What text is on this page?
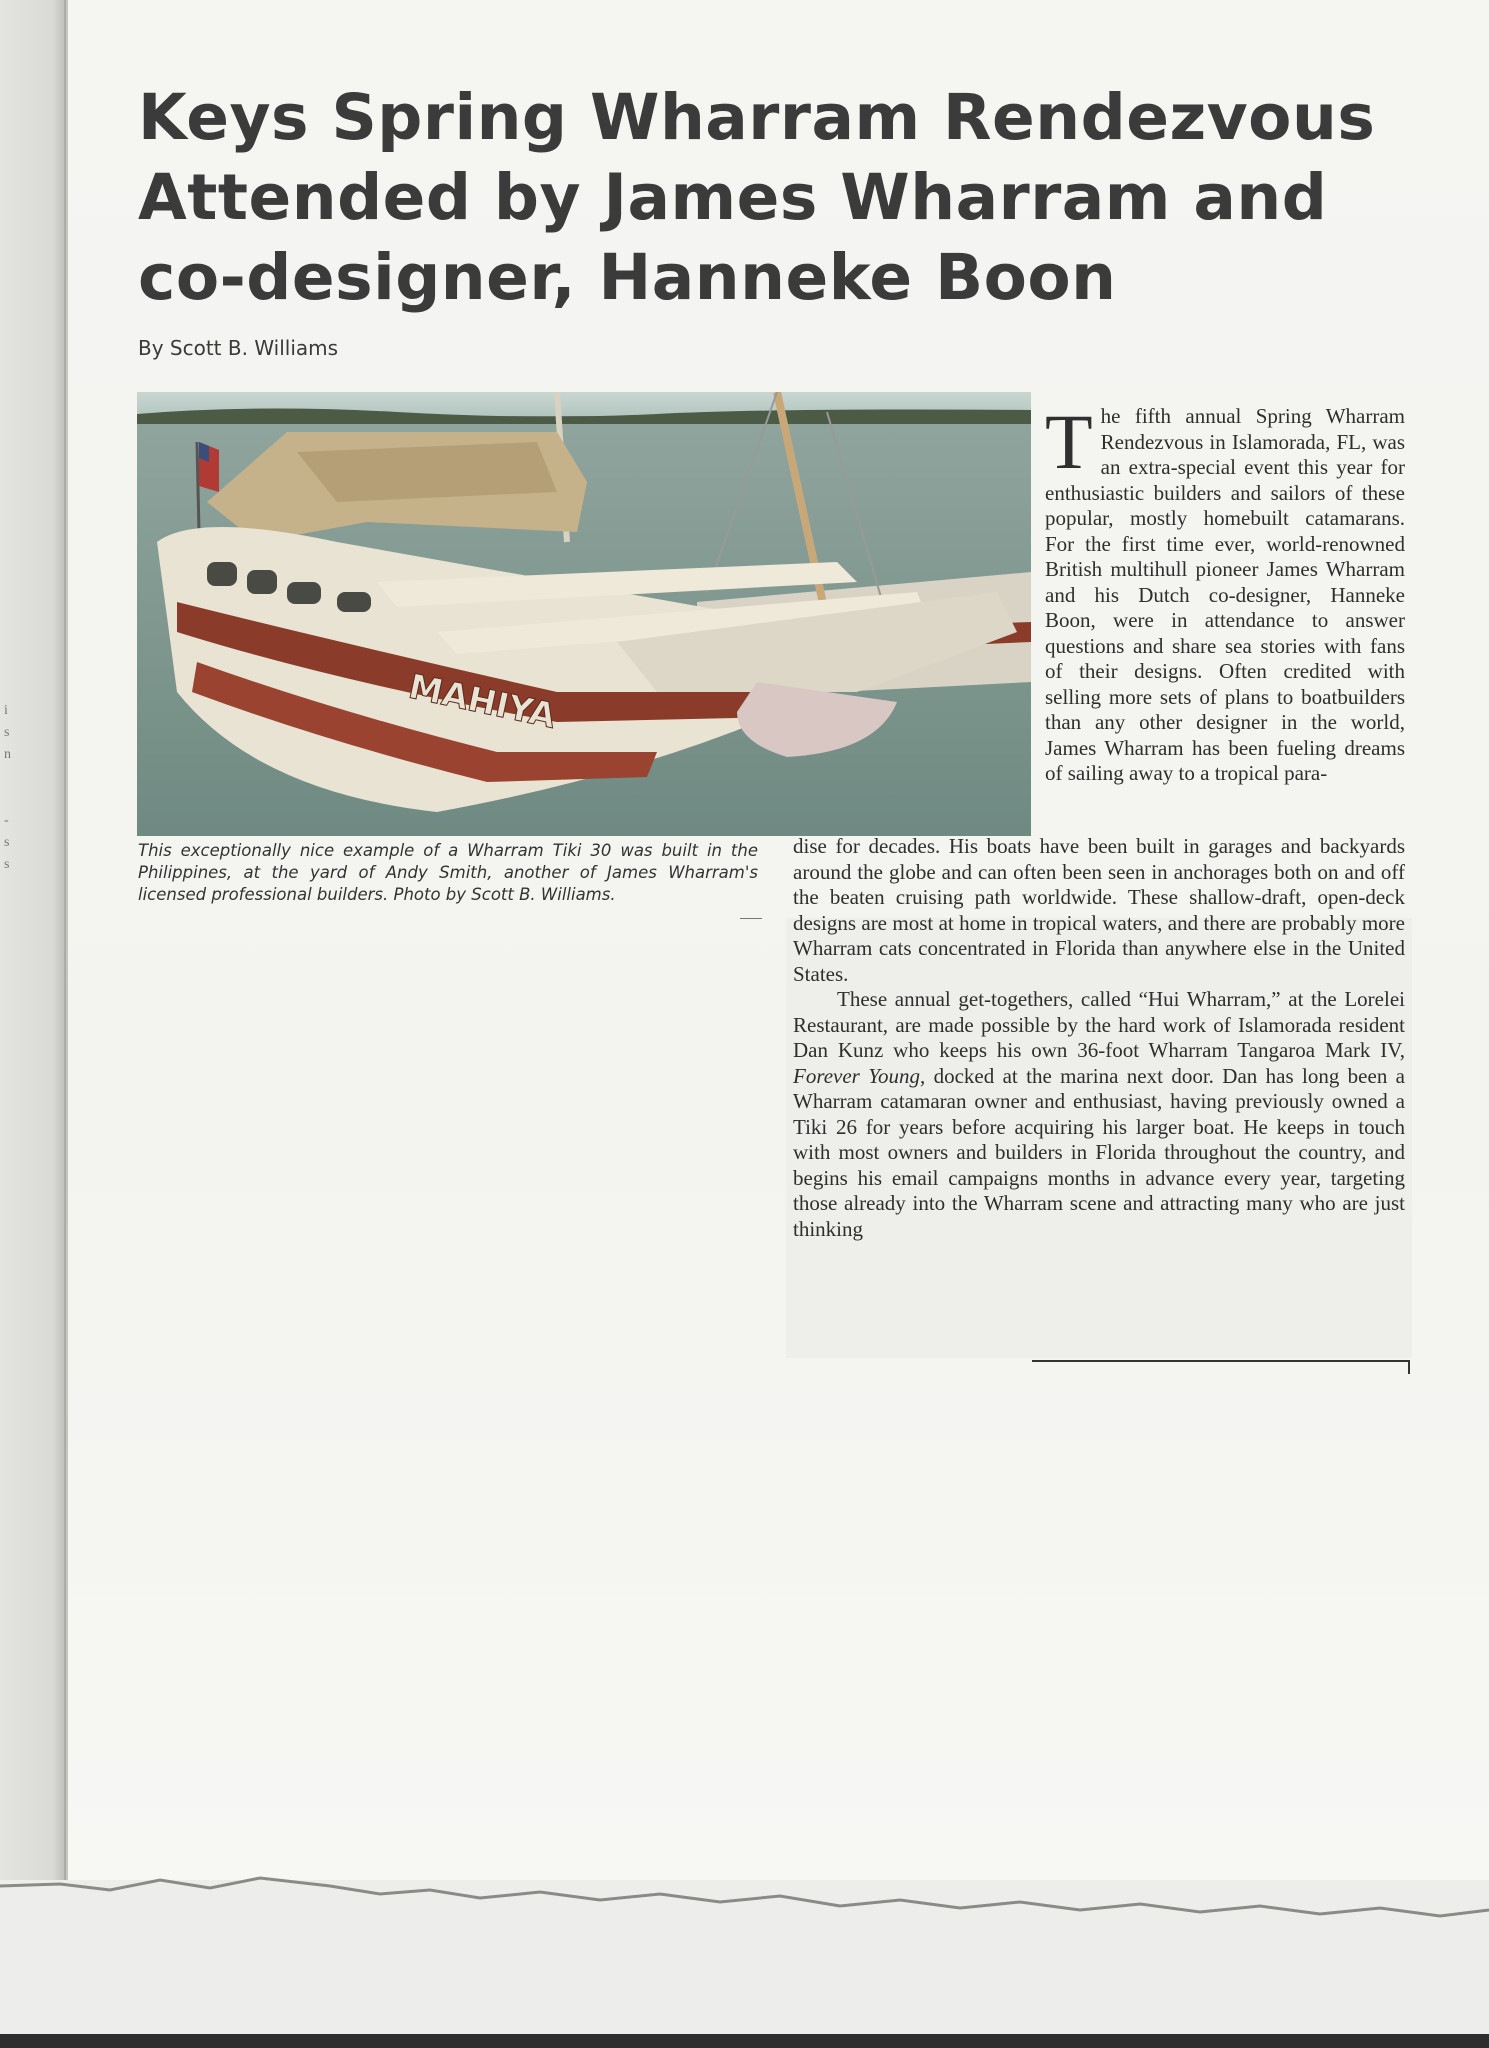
i
s
n

-
s
s
Keys Spring Wharram Rendezvous Attended by James Wharram and co-designer, Hanneke Boon
By Scott B. Williams
MAHIYA

This exceptionally nice example of a Wharram Tiki 30 was built in the Philippines, at the yard of Andy Smith, another of James Wharram's licensed professional builders. Photo by Scott B. Williams.

T he fifth annual Spring Wharram Rendezvous in Islamorada, FL, was an extra-special event this year for enthusiastic builders and sailors of these popular, mostly homebuilt catamarans. For the first time ever, world-renowned British multihull pioneer James Wharram and his Dutch co-designer, Hanneke Boon, were in attendance to answer questions and share sea stories with fans of their designs. Often credited with selling more sets of plans to boatbuilders than any other designer in the world, James Wharram has been fueling dreams of sailing away to a tropical para-

dise for decades. His boats have been built in garages and backyards around the globe and can often been seen in anchorages both on and off the beaten cruising path worldwide. These shallow-draft, open-deck designs are most at home in tropical waters, and there are probably more Wharram cats concentrated in Florida than anywhere else in the United States.

These annual get-togethers, called “Hui Wharram,” at the Lorelei Restaurant, are made possible by the hard work of Islamorada resident Dan Kunz who keeps his own 36-foot Wharram Tangaroa Mark IV, Forever Young, docked at the marina next door. Dan has long been a Wharram catamaran owner and enthusiast, having previously owned a Tiki 26 for years before acquiring his larger boat. He keeps in touch with most owners and builders in Florida throughout the country, and begins his email campaigns months in advance every year, targeting those already into the Wharram scene and attracting many who are just thinking
